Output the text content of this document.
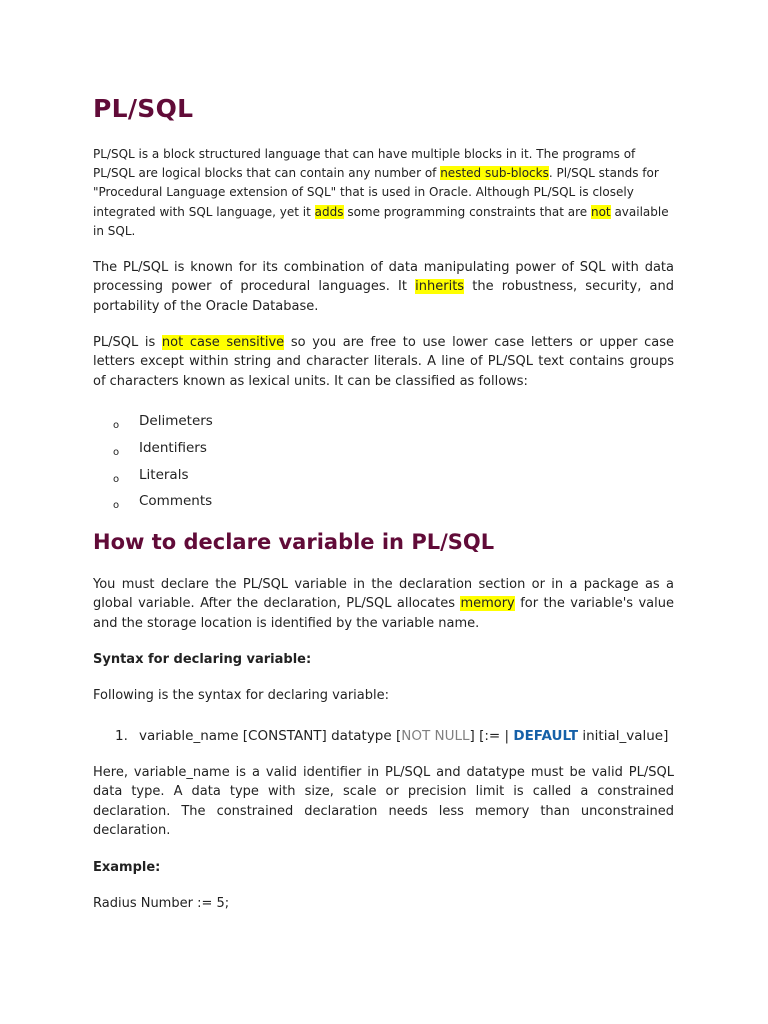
PL/SQL

PL/SQL is a block structured language that can have multiple blocks in it. The programs of PL/SQL are logical blocks that can contain any number of nested sub-blocks. Pl/SQL stands for "Procedural Language extension of SQL" that is used in Oracle. Although PL/SQL is closely integrated with SQL language, yet it adds some programming constraints that are not available in SQL.

The PL/SQL is known for its combination of data manipulating power of SQL with data processing power of procedural languages. It inherits the robustness, security, and portability of the Oracle Database.

PL/SQL is not case sensitive so you are free to use lower case letters or upper case letters except within string and character literals. A line of PL/SQL text contains groups of characters known as lexical units. It can be classified as follows:

o Delimeters
o Identifiers
o Literals
o Comments
How to declare variable in PL/SQL

You must declare the PL/SQL variable in the declaration section or in a package as a global variable. After the declaration, PL/SQL allocates memory for the variable's value and the storage location is identified by the variable name.

Syntax for declaring variable:

Following is the syntax for declaring variable:

1. variable_name [CONSTANT] datatype [NOT NULL] [:= | DEFAULT initial_value]

Here, variable_name is a valid identifier in PL/SQL and datatype must be valid PL/SQL data type. A data type with size, scale or precision limit is called a constrained declaration. The constrained declaration needs less memory than unconstrained declaration.

Example:

Radius Number := 5;
